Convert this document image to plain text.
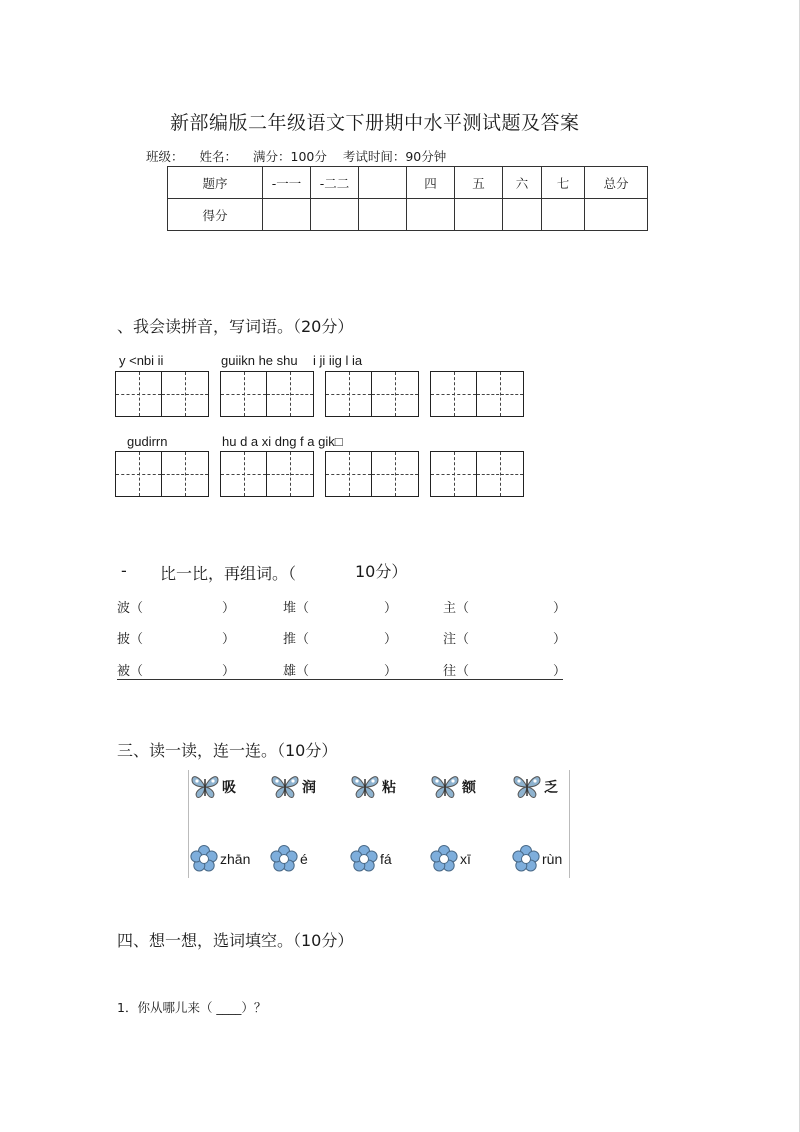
新部编版二年级语文下册期中水平测试题及答案
班级： 姓名： 满分：100分 考试时间：90分钟
题序	-一一	-二二		四	五	六	七	总分
得分								
、我会读拼音，写词语。（20分）
y <nbi ii	guiikn he shu i ji iig l ia
gudirrn	hu d a xi dng f a gik□
- 比一比，再组词。（	10分）
波（	）	堆（	）	主（	）
披（	）	推（	）	注（	）
被（	）	雄（	）	往（	）
三、读一读，连一连。（10分）
吸	润	粘	额	乏
zhān	é	fá	xī	rùn
四、想一想，选词填空。（10分）
1．你从哪儿来（ ____）？
